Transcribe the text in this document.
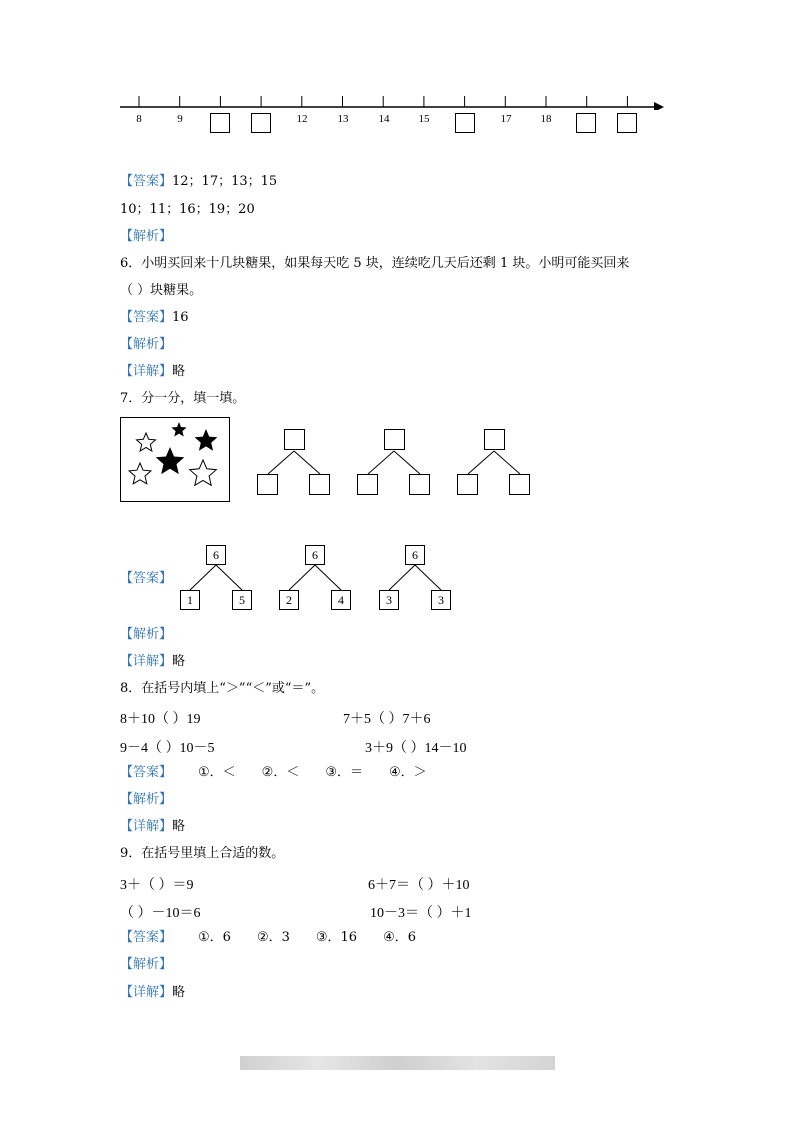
8	9	12	13	14	15	17	18
【答案】12；17；13；15
10；11；16；19；20
【解析】
6．小明买回来十几块糖果，如果每天吃 5 块，连续吃几天后还剩 1 块。小明可能买回来
（ ）块糖果。
【答案】16
【解析】
【详解】略
7．分一分，填一填。
【答案】
6
1	5
6
2	4
6
3	3
【解析】
【详解】略
8．在括号内填上“＞”“＜”或“＝”。
8＋10（ ）19	7＋5（ ）7＋6
9－4（ ）10－5	3＋9（ ）14－10
【答案】 ①．＜　　②．＜　　③．＝　　④．＞
【解析】
【详解】略
9．在括号里填上合适的数。
3＋（ ）＝9	6＋7＝（ ）＋10
（ ）－10＝6	10－3＝（ ）＋1
【答案】 ①．6　　②．3　　③．16　　④．6
【解析】
【详解】略
